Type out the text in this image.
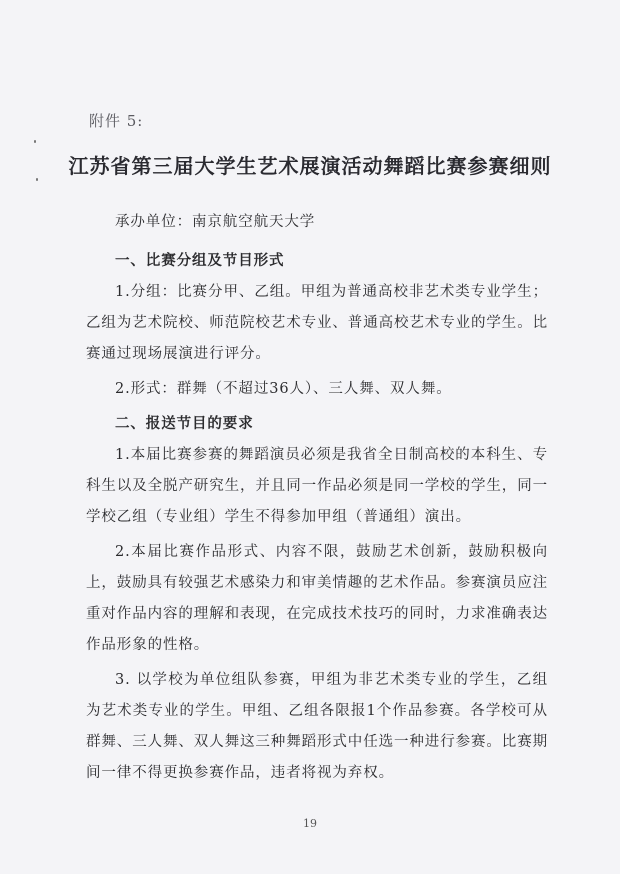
附件 5:
江苏省第三届大学生艺术展演活动舞蹈比赛参赛细则

承办单位：南京航空航天大学

一、比赛分组及节目形式

1.分组：比赛分甲、乙组。甲组为普通高校非艺术类专业学生；乙组为艺术院校、师范院校艺术专业、普通高校艺术专业的学生。比赛通过现场展演进行评分。

2.形式：群舞（不超过36人）、三人舞、双人舞。

二、报送节目的要求

1.本届比赛参赛的舞蹈演员必须是我省全日制高校的本科生、专科生以及全脱产研究生，并且同一作品必须是同一学校的学生，同一学校乙组（专业组）学生不得参加甲组（普通组）演出。

2.本届比赛作品形式、内容不限，鼓励艺术创新，鼓励积极向上，鼓励具有较强艺术感染力和审美情趣的艺术作品。参赛演员应注重对作品内容的理解和表现，在完成技术技巧的同时，力求准确表达作品形象的性格。

3. 以学校为单位组队参赛，甲组为非艺术类专业的学生，乙组为艺术类专业的学生。甲组、乙组各限报1个作品参赛。各学校可从群舞、三人舞、双人舞这三种舞蹈形式中任选一种进行参赛。比赛期间一律不得更换参赛作品，违者将视为弃权。

19
